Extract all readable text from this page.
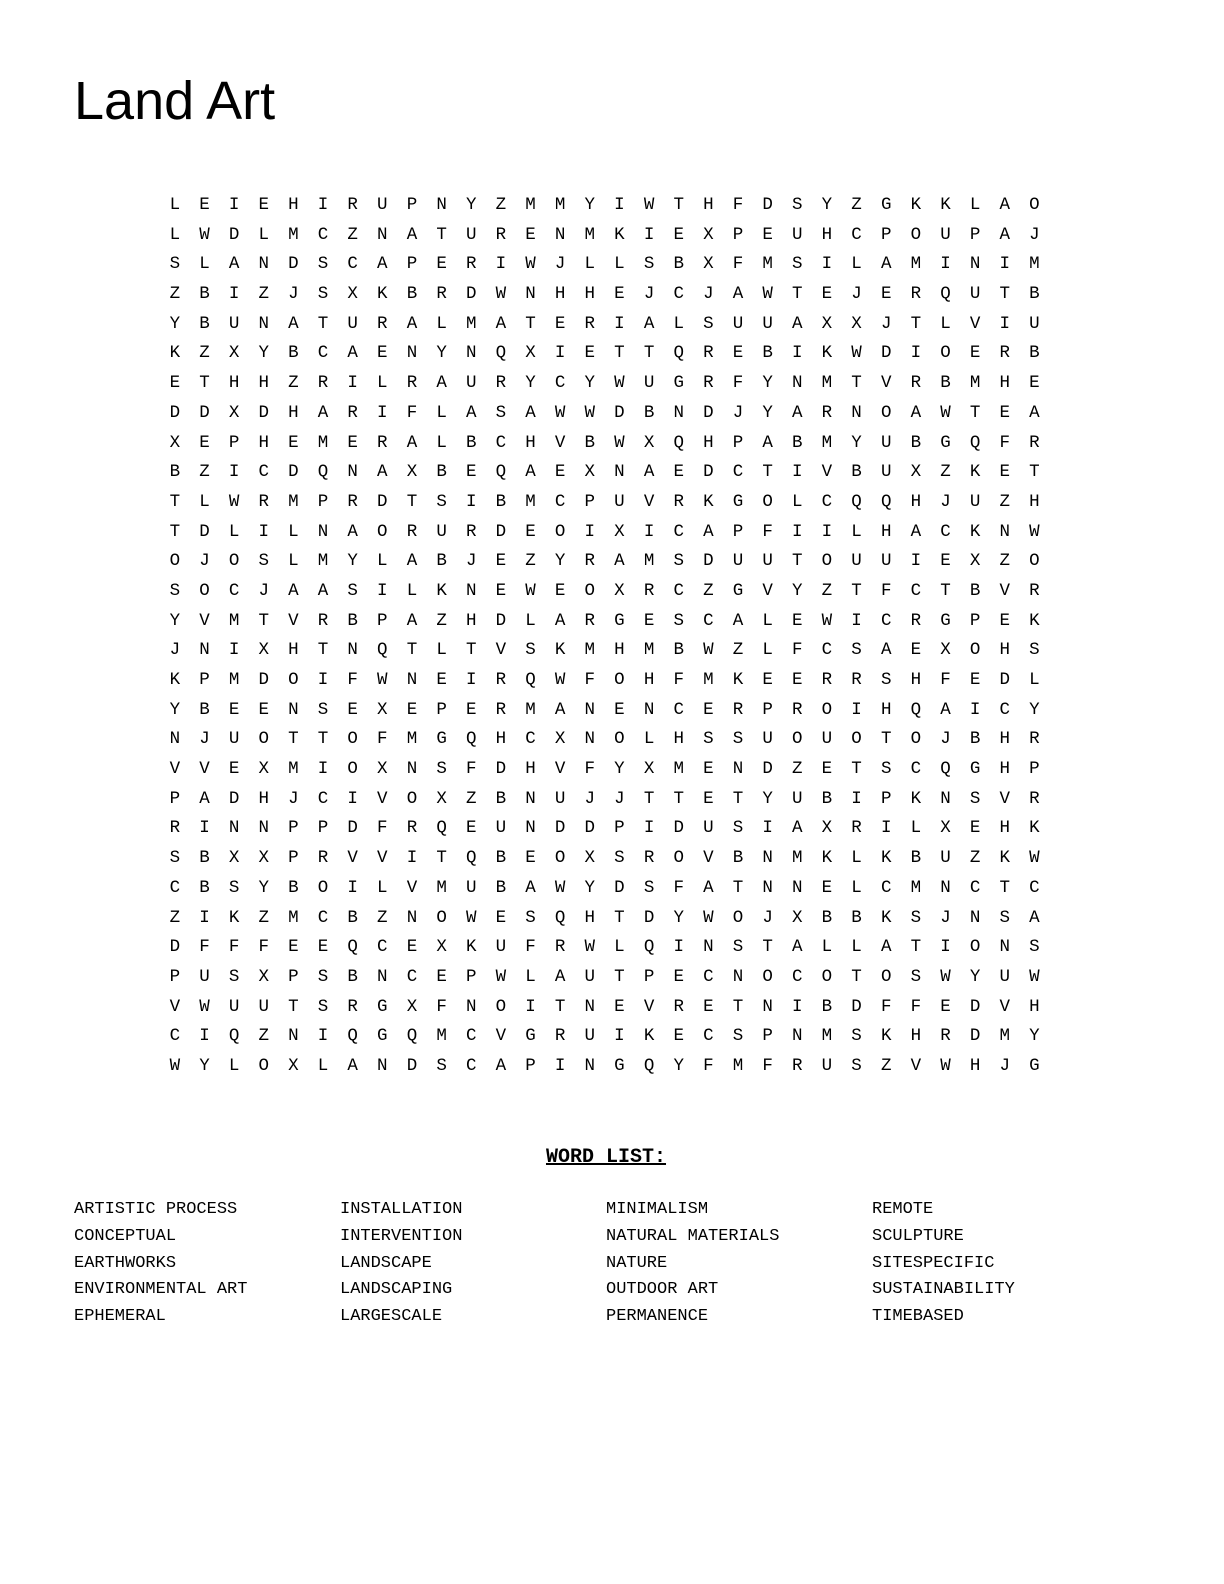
Land Art
L E I E H I R U P N Y Z M M Y I W T H F D S Y Z G K K L A O
L W D L M C Z N A T U R E N M K I E X P E U H C P O U P A J
S L A N D S C A P E R I W J L L S B X F M S I L A M I N I M
Z B I Z J S X K B R D W N H H E J C J A W T E J E R Q U T B
Y B U N A T U R A L M A T E R I A L S U U A X X J T L V I U
K Z X Y B C A E N Y N Q X I E T T Q R E B I K W D I O E R B
E T H H Z R I L R A U R Y C Y W U G R F Y N M T V R B M H E
D D X D H A R I F L A S A W W D B N D J Y A R N O A W T E A
X E P H E M E R A L B C H V B W X Q H P A B M Y U B G Q F R
B Z I C D Q N A X B E Q A E X N A E D C T I V B U X Z K E T
T L W R M P R D T S I B M C P U V R K G O L C Q Q H J U Z H
T D L I L N A O R U R D E O I X I C A P F I I L H A C K N W
O J O S L M Y L A B J E Z Y R A M S D U U T O U U I E X Z O
S O C J A A S I L K N E W E O X R C Z G V Y Z T F C T B V R
Y V M T V R B P A Z H D L A R G E S C A L E W I C R G P E K
J N I X H T N Q T L T V S K M H M B W Z L F C S A E X O H S
K P M D O I F W N E I R Q W F O H F M K E E R R S H F E D L
Y B E E N S E X E P E R M A N E N C E R P R O I H Q A I C Y
N J U O T T O F M G Q H C X N O L H S S U O U O T O J B H R
V V E X M I O X N S F D H V F Y X M E N D Z E T S C Q G H P
P A D H J C I V O X Z B N U J J T T E T Y U B I P K N S V R
R I N N P P D F R Q E U N D D P I D U S I A X R I L X E H K
S B X X P R V V I T Q B E O X S R O V B N M K L K B U Z K W
C B S Y B O I L V M U B A W Y D S F A T N N E L C M N C T C
Z I K Z M C B Z N O W E S Q H T D Y W O J X B B K S J N S A
D F F F E E Q C E X K U F R W L Q I N S T A L L A T I O N S
P U S X P S B N C E P W L A U T P E C N O C O T O S W Y U W
V W U U T S R G X F N O I T N E V R E T N I B D F F E D V H
C I Q Z N I Q G Q M C V G R U I K E C S P N M S K H R D M Y
W Y L O X L A N D S C A P I N G Q Y F M F R U S Z V W H J G
WORD LIST:
ARTISTIC PROCESS
CONCEPTUAL
EARTHWORKS
ENVIRONMENTAL ART
EPHEMERAL
INSTALLATION
INTERVENTION
LANDSCAPE
LANDSCAPING
LARGESCALE
MINIMALISM
NATURAL MATERIALS
NATURE
OUTDOOR ART
PERMANENCE
REMOTE
SCULPTURE
SITESPECIFIC
SUSTAINABILITY
TIMEBASED
